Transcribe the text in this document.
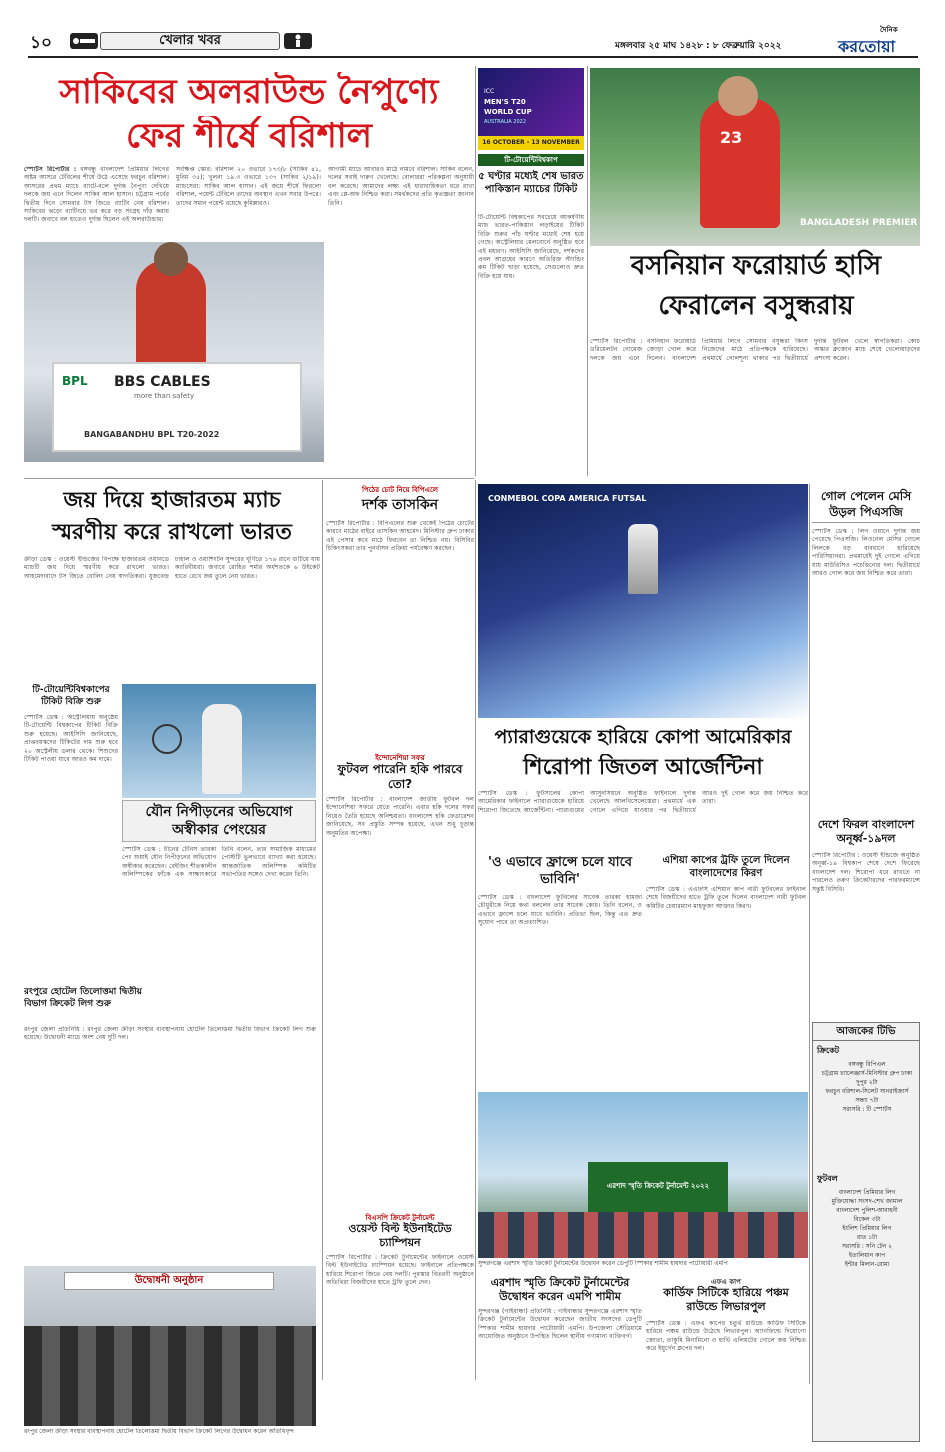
১০	খেলার খবর	মঙ্গলবার ২৫ মাঘ ১৪২৮ : ৮ ফেব্রুয়ারি ২০২২
দৈনিক
করতোয়া
সাকিবের অলরাউন্ড নৈপুণ্যে
ফের শীর্ষে বরিশাল
স্পোর্টস রিপোর্টার : বঙ্গবন্ধু বাংলাদেশ প্রিমিয়ার লিগের অষ্টম আসরে টেবিলের শীর্ষে উঠে এসেছে ফরচুন বরিশাল। আসরের প্রথম ম্যাচে ব্যাটে-বলে দুর্দান্ত নৈপুণ্য দেখিয়ে দলকে জয় এনে দিলেন সাকিব আল হাসান। চট্টগ্রাম পর্বের দ্বিতীয় দিনে সোমবার টস জিতে ব্যাটিং নেয় বরিশাল। সাকিবের ঝড়ো ব্যাটিংয়ে ভর করে বড় সংগ্রহ দাঁড় করায় দলটি। জবাবে বল হাতেও দুর্দান্ত ছিলেন এই অলরাউন্ডার।
সংক্ষিপ্ত স্কোর: বরিশাল ২০ ওভারে ১৭৩/৮ (সাকিব ৪১, মুনিম ৩৫); খুলনা ১৯.৩ ওভারে ১৩৭ (সাকিব ২/১৯)। ম্যাচসেরা: সাকিব আল হাসান। এই জয়ে শীর্ষে ফিরলো বরিশাল, পয়েন্ট টেবিলে তাদের অবস্থান এখন সবার উপরে। তাদের সমান পয়েন্ট রয়েছে কুমিল্লারও।
আগামী ম্যাচে আবারও মাঠে নামবে বরিশাল। সাকিব বলেন, দলের সবাই দারুণ খেলেছে। বোলাররা পরিকল্পনা অনুযায়ী বল করেছে। আমাদের লক্ষ্য এই ধারাবাহিকতা ধরে রাখা এবং প্লে-অফ নিশ্চিত করা। সমর্থকদের প্রতি কৃতজ্ঞতা জানান তিনি।
BPL BBS CABLES
more than safety
BANGABANDHU BPL T20-2022
ICC
MEN'S T20
WORLD CUP
AUSTRALIA 2022
16 OCTOBER - 13 NOVEMBER
টি-টোয়েন্টিবিশ্বকাপ
৫ ঘণ্টার মধ্যেই শেষ ভারত পাকিস্তান ম্যাচের টিকিট
টি-টোয়েন্টি বিশ্বকাপের সবচেয়ে আকর্ষণীয় ম্যাচ ভারত-পাকিস্তান লড়াইয়ের টিকিট বিক্রি শুরুর পাঁচ ঘণ্টার মধ্যেই শেষ হয়ে গেছে। অস্ট্রেলিয়ার মেলবোর্নে অনুষ্ঠিত হবে এই মহারণ। আইসিসি জানিয়েছে, দর্শকদের প্রবল আগ্রহের কারণে অতিরিক্ত স্ট্যান্ডিং রুম টিকিট ছাড়া হয়েছে, সেগুলোও দ্রুত বিক্রি হয়ে যায়।
23
BANGLADESH PREMIER
বসনিয়ান ফরোয়ার্ড হাসি ফেরালেন বসুন্ধরায়
স্পোর্টস রিপোর্টার : বসনিয়ান ফরোয়ার্ড ডরিয়েলটন গোমেজ জোড়া গোল করে দলকে জয় এনে দিলেন। বাংলাদেশ প্রিমিয়ার লিগে সোমবার বসুন্ধরা কিংস নিজেদের মাঠে প্রতিপক্ষকে হারিয়েছে। প্রথমার্ধে গোলশূন্য থাকার পর দ্বিতীয়ার্ধে দুর্দান্ত ফুটবল খেলে স্বাগতিকরা। কোচ অস্কার ব্রুজোন ম্যাচ শেষে খেলোয়াড়দের প্রশংসা করেন।
জয় দিয়ে হাজারতম ম্যাচ
স্মরণীয় করে রাখলো ভারত
ক্রীড়া ডেস্ক : ওয়েস্ট ইন্ডিজের বিপক্ষে হাজারতম ওয়ানডে ম্যাচটি জয় দিয়ে স্মরণীয় করে রাখলো ভারত। আহমেদাবাদে টস জিতে বোলিং নেয় স্বাগতিকরা। যুজবেন্দ্র চাহাল ও ওয়াশিংটন সুন্দরের ঘূর্ণিতে ১৭৬ রানে গুটিয়ে যায় ক্যারিবীয়রা। জবাবে রোহিত শর্মার অর্ধশতকে ৬ উইকেট হাতে রেখে জয় তুলে নেয় ভারত।
পিঠের চোট নিয়ে বিপিএলে
দর্শক তাসকিন
স্পোর্টস রিপোর্টার : বিপিএলের শুরু থেকেই পিঠের চোটের কারণে মাঠের বাইরে তাসকিন আহমেদ। মিনিস্টার গ্রুপ ঢাকার এই পেসার কবে মাঠে ফিরবেন তা নিশ্চিত নয়। বিসিবির চিকিৎসকরা তার পুনর্বাসন প্রক্রিয়া পর্যবেক্ষণ করছেন।
CONMEBOL COPA AMERICA FUTSAL	গোল পেলেন মেসি উড়ল পিএসজি
স্পোর্টস ডেস্ক : লিগ ওয়ানে দুর্দান্ত জয় পেয়েছে পিএসজি। লিওনেল মেসির গোলে লিলকে বড় ব্যবধানে হারিয়েছে পারিসিয়ানরা। প্রথমার্ধেই দুই গোলে এগিয়ে যায় মাউরিসিও পচেত্তিনোর দল। দ্বিতীয়ার্ধে আরও গোল করে জয় নিশ্চিত করে তারা।
টি-টোয়েন্টিবিশ্বকাপের টিকিট বিক্রি শুরু
স্পোর্টস ডেস্ক : অস্ট্রেলিয়ায় অনুষ্ঠেয় টি-টোয়েন্টি বিশ্বকাপের টিকিট বিক্রি শুরু হয়েছে। আইসিসি জানিয়েছে, প্রাপ্তবয়স্কদের টিকিটের দাম শুরু হবে ২০ অস্ট্রেলীয় ডলার থেকে। শিশুদের টিকিট পাওয়া যাবে আরও কম দামে।
যৌন নিপীড়নের অভিযোগ অস্বীকার পেংয়ের
স্পোর্টস ডেস্ক : চীনের টেনিস তারকা পেং শুয়াই যৌন নিপীড়নের অভিযোগ অস্বীকার করেছেন। বেইজিং শীতকালীন অলিম্পিকের ফাঁকে এক সাক্ষাৎকারে তিনি বলেন, তার সামাজিক মাধ্যমের পোস্টটি ভুলভাবে ব্যাখ্যা করা হয়েছে। আন্তর্জাতিক অলিম্পিক কমিটির সভাপতির সঙ্গেও দেখা করেন তিনি।
ইন্দোনেশিয়া সফর
ফুটবল পারেনি হকি পারবে তো?
স্পোর্টস রিপোর্টার : বাংলাদেশ জাতীয় ফুটবল দল ইন্দোনেশিয়া সফরে যেতে পারেনি। এবার হকি দলের সফর নিয়েও তৈরি হয়েছে অনিশ্চয়তা। বাংলাদেশ হকি ফেডারেশন জানিয়েছে, সব প্রস্তুতি সম্পন্ন হয়েছে, এখন শুধু চূড়ান্ত অনুমতির অপেক্ষা।
প্যারাগুয়েকে হারিয়ে কোপা আমেরিকার
শিরোপা জিতল আর্জেন্টিনা
স্পোর্টস ডেস্ক : ফুটসালের কোপা আমেরিকার ফাইনালে প্যারাগুয়েকে হারিয়ে শিরোপা জিতেছে আর্জেন্টিনা। প্যারাগুয়ের আসুনসিয়নে অনুষ্ঠিত ফাইনালে দুর্দান্ত খেলেছে আলবিসেলেস্তেরা। প্রথমার্ধে এক গোলে এগিয়ে যাওয়ার পর দ্বিতীয়ার্ধে আরও দুই গোল করে জয় নিশ্চিত করে তারা।
দেশে ফিরল বাংলাদেশ অনূর্ধ্ব-১৯দল
স্পোর্টস রিপোর্টার : ওয়েস্ট ইন্ডিজে অনুষ্ঠিত অনূর্ধ্ব-১৯ বিশ্বকাপ শেষে দেশে ফিরেছে বাংলাদেশ দল। শিরোপা ধরে রাখতে না পারলেও তরুণ ক্রিকেটারদের পারফরম্যান্সে সন্তুষ্ট বিসিবি।
'ও এভাবে ফ্রান্সে চলে যাবে ভাবিনি'
স্পোর্টস ডেস্ক : বাংলাদেশ ফুটবলের সাবেক তারকা হামজা চৌধুরীকে নিয়ে কথা বললেন তার সাবেক কোচ। তিনি বলেন, ও এভাবে ফ্রান্সে চলে যাবে ভাবিনি। প্রতিভা ছিল, কিন্তু এত দ্রুত সুযোগ পাবে তা অপ্রত্যাশিত।
এশিয়া কাপের ট্রফি তুলে দিলেন বাংলাদেশের কিরণ
স্পোর্টস ডেস্ক : এএফসি এশিয়ান কাপ নারী ফুটবলের ফাইনাল শেষে বিজয়ীদের হাতে ট্রফি তুলে দিলেন বাংলাদেশ নারী ফুটবল কমিটির চেয়ারম্যান মাহফুজা আক্তার কিরণ।
রংপুরে হোটেল তিলোত্তমা দ্বিতীয় বিভাগ ক্রিকেট লিগ শুরু
রংপুর জেলা প্রতিনিধি : রংপুর জেলা ক্রীড়া সংস্থার ব্যবস্থাপনায় হোটেল তিলোত্তমা দ্বিতীয় বিভাগ ক্রিকেট লিগ শুরু হয়েছে। উদ্বোধনী ম্যাচে অংশ নেয় দুটি দল।
উদ্বোধনী অনুষ্ঠান
রংপুর জেলা ক্রীড়া সংস্থার ব্যবস্থাপনায় হোটেল তিলোত্তমা দ্বিতীয় বিভাগ ক্রিকেট লিগের উদ্বোধন করেন অতিথিবৃন্দ
বিএসপি ক্রিকেট টুর্নামেন্ট
ওয়েস্ট বিল্ট ইউনাইটেড চ্যাম্পিয়ন
স্পোর্টস রিপোর্টার : ক্রিকেট টুর্নামেন্টের ফাইনালে ওয়েস্ট বিল্ট ইউনাইটেড চ্যাম্পিয়ন হয়েছে। ফাইনালে প্রতিপক্ষকে হারিয়ে শিরোপা জিতে নেয় দলটি। পুরস্কার বিতরণী অনুষ্ঠানে অতিথিরা বিজয়ীদের হাতে ট্রফি তুলে দেন।
এরশাদ স্মৃতি ক্রিকেট টুর্নামেন্ট ২০২২
সুন্দরগঞ্জে এরশাদ স্মৃতি ক্রিকেট টুর্নামেন্টের উদ্বোধন করেন ডেপুটি স্পিকার শামীম হায়দার পাটোয়ারী এমপি
এরশাদ স্মৃতি ক্রিকেট টুর্নামেন্টের উদ্বোধন করেন এমপি শামীম
সুন্দরগঞ্জ (গাইবান্ধা) প্রতিনিধি : গাইবান্ধার সুন্দরগঞ্জে এরশাদ স্মৃতি ক্রিকেট টুর্নামেন্টের উদ্বোধন করেছেন জাতীয় সংসদের ডেপুটি স্পিকার শামীম হায়দার পাটোয়ারী এমপি। উপজেলা স্টেডিয়ামে আয়োজিত অনুষ্ঠানে উপস্থিত ছিলেন স্থানীয় গণ্যমান্য ব্যক্তিবর্গ।
এফএ কাপ
কার্ডিফ সিটিকে হারিয়ে পঞ্চম রাউন্ডে লিভারপুল
স্পোর্টস ডেস্ক : এফএ কাপের চতুর্থ রাউন্ডে কার্ডিফ সিটিকে হারিয়ে পঞ্চম রাউন্ডে উঠেছে লিভারপুল। অ্যানফিল্ডে দিয়োগো জোতা, তাকুমি মিনামিনো ও হার্ভি এলিয়টের গোলে জয় নিশ্চিত করে ইয়ুর্গেন ক্লপের দল।
আজকের টিভি
ক্রিকেট
বঙ্গবন্ধু বিপিএল
চট্টগ্রাম চ্যালেঞ্জার্স-মিনিস্টার গ্রুপ ঢাকা
দুপুর ২টা
ফরচুন বরিশাল-সিলেট সানরাইজার্স
সন্ধ্যা ৭টা
সরাসরি : টি স্পোর্টস
ফুটবল
বাংলাদেশ প্রিমিয়ার লিগ
মুক্তিযোদ্ধা সংসদ-শেখ জামাল
বাংলাদেশ পুলিশ-আবাহনী
বিকেল ৩টা
ইংলিশ প্রিমিয়ার লিগ
রাত ১টা
সরাসরি : সনি টেন ২
ইতালিয়ান কাপ
ইন্টার মিলান-রোমা
